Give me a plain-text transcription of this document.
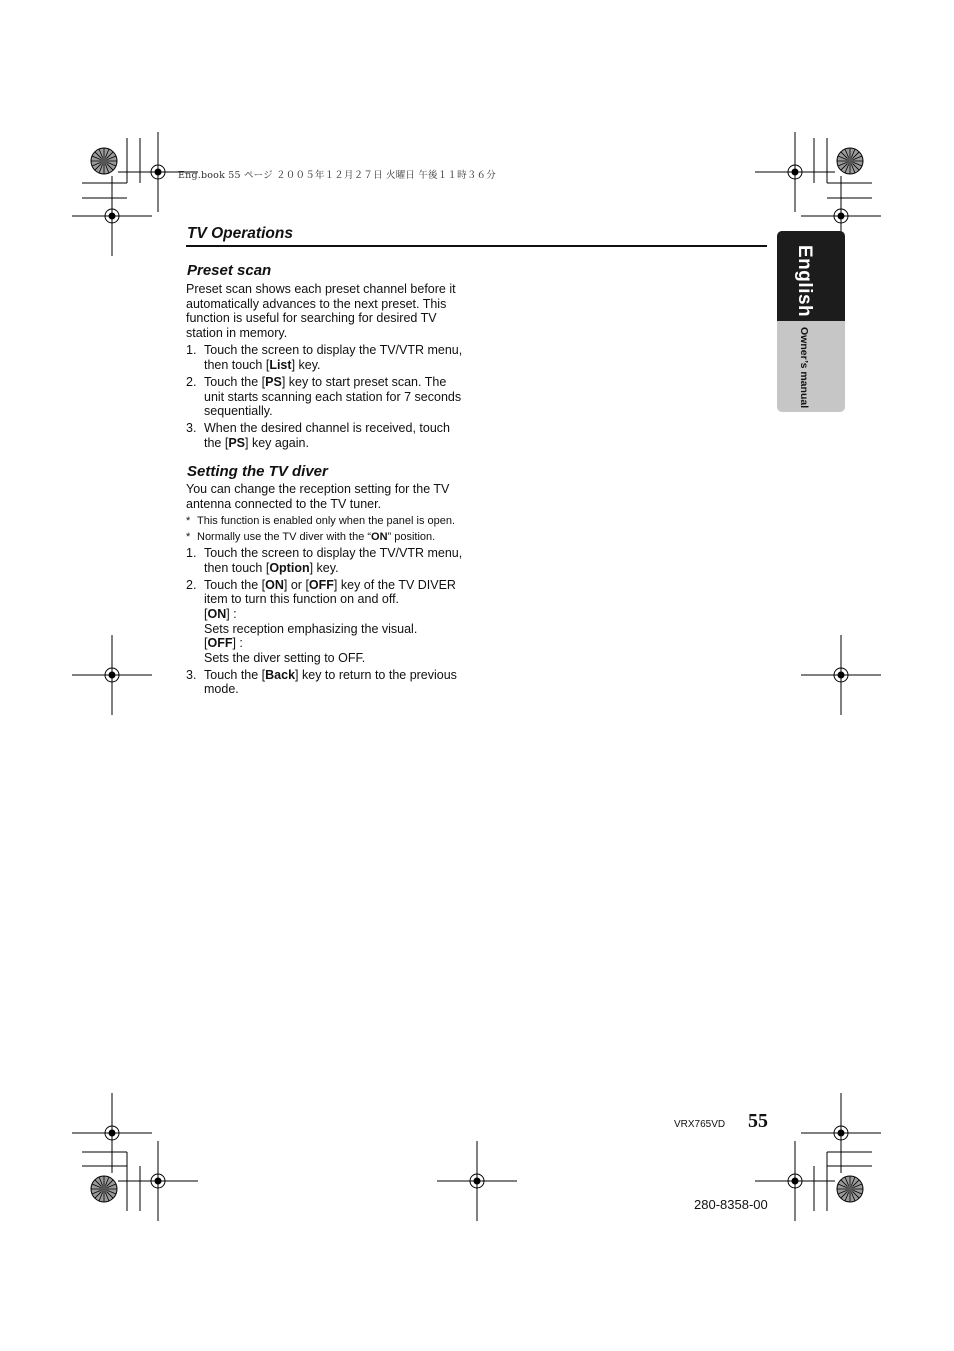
Eng.book 55 ページ ２００５年１２月２７日 火曜日 午後１１時３６分
TV Operations
Preset scan

Preset scan shows each preset channel before it automatically advances to the next preset. This function is useful for searching for desired TV station in memory.

1. Touch the screen to display the TV/VTR menu, then touch [List] key.
2. Touch the [PS] key to start preset scan. The unit starts scanning each station for 7 seconds sequentially.
3. When the desired channel is received, touch the [PS] key again.
Setting the TV diver

You can change the reception setting for the TV antenna connected to the TV tuner.

* This function is enabled only when the panel is open.
* Normally use the TV diver with the “ON” position.
1. Touch the screen to display the TV/VTR menu, then touch [Option] key.
2. Touch the [ON] or [OFF] key of the TV DIVER item to turn this function on and off.
[ON] :
Sets reception emphasizing the visual.
[OFF] :
Sets the diver setting to OFF.
3. Touch the [Back] key to return to the previous mode.
English
Owner’s manual
VRX765VD 55
280-8358-00
